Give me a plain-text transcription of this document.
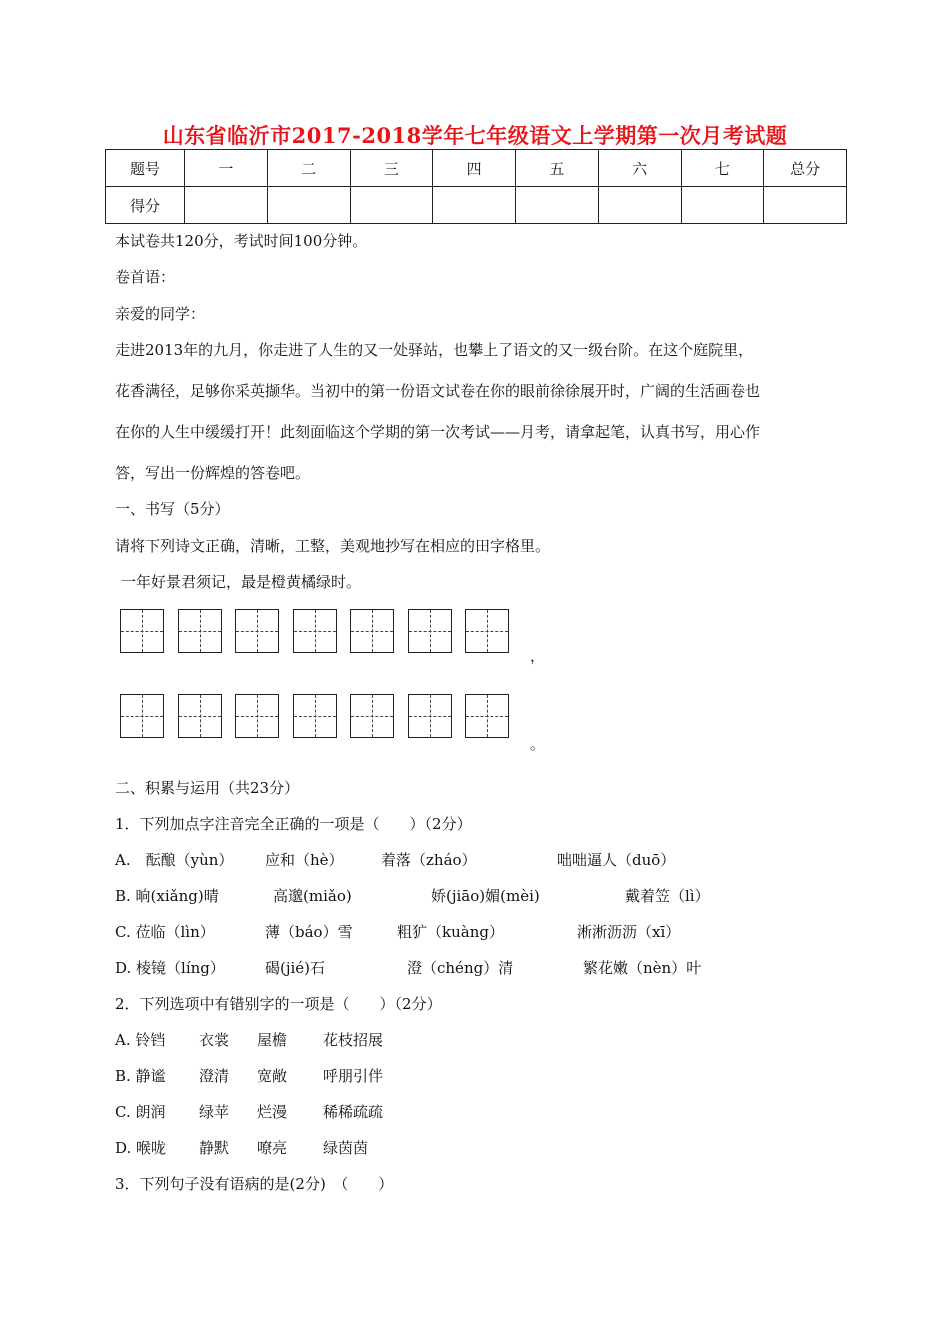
山东省临沂市2017-2018学年七年级语文上学期第一次月考试题
题号	一	二	三	四	五	六	七	总分
得分								
本试卷共120分，考试时间100分钟。
卷首语：
亲爱的同学：
走进2013年的九月，你走进了人生的又一处驿站，也攀上了语文的又一级台阶。在这个庭院里，
花香满径，足够你采英撷华。当初中的第一份语文试卷在你的眼前徐徐展开时，广阔的生活画卷也
在你的人生中缓缓打开！此刻面临这个学期的第一次考试——月考，请拿起笔，认真书写，用心作
答，写出一份辉煌的答卷吧。
一、书写（5分）
请将下列诗文正确，清晰，工整，美观地抄写在相应的田字格里。
一年好景君须记，最是橙黄橘绿时。
，
。
二、积累与运用（共23分）
1．下列加点字注音完全正确的一项是（　　）（2分）
A.　酝酿（yùn） 应和（hè） 着落（zháo）	咄咄逼人（duō）
B. 晌(xiǎng)晴	高邈(miǎo)	娇(jiāo)媚(mèi)	戴着笠（lì）
C. 莅临（lìn）	薄（báo）雪	粗犷（kuàng）	淅淅沥沥（xī）
D. 棱镜（líng）	碣(jié)石	澄（chéng）清	繁花嫩（nèn）叶
2．下列选项中有错别字的一项是（　　）（2分）
A. 铃铛 衣裳 屋檐 花枝招展
B. 静谧 澄清 宽敞 呼朋引伴
C. 朗润 绿苹 烂漫 稀稀疏疏
D. 喉咙 静默 嘹亮 绿茵茵
3．下列句子没有语病的是(2分)　（　　）
